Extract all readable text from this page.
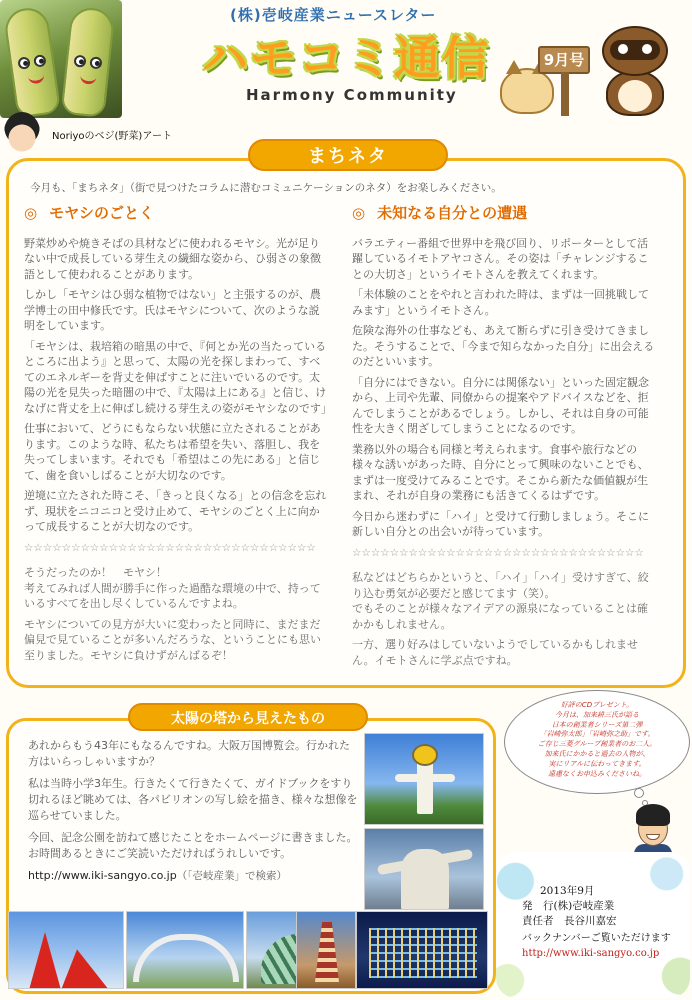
Noriyoのベジ(野菜)アート
(株)壱岐産業ニュースレター
ハモコミ通信
Harmony Community
9月号
まちネタ
今月も、「まちネタ」（街で見つけたコラムに潜むコミュニケーションのネタ）をお楽しみください。
◎ モヤシのごとく

野菜炒めや焼きそばの具材などに使われるモヤシ。光が足りない中で成長している芽生えの繊細な姿から、ひ弱さの象徴語として使われることがあります。

しかし「モヤシはひ弱な植物ではない」と主張するのが、農学博士の田中修氏です。氏はモヤシについて、次のような説明をしています。

「モヤシは、栽培箱の暗黒の中で、『何とか光の当たっているところに出よう』と思って、太陽の光を探しまわって、すべてのエネルギーを背丈を伸ばすことに注いでいるのです。太陽の光を見失った暗闇の中で、『太陽は上にある』と信じ、けなげに背丈を上に伸ばし続ける芽生えの姿がモヤシなのです」

仕事において、どうにもならない状態に立たされることがあります。このような時、私たちは希望を失い、落胆し、我を失ってしまいます。それでも「希望はこの先にある」と信じて、歯を食いしばることが大切なのです。

逆境に立たされた時こそ、「きっと良くなる」との信念を忘れず、現状をニコニコと受け止めて、モヤシのごとく上に向かって成長することが大切なのです。

☆☆☆☆☆☆☆☆☆☆☆☆☆☆☆☆☆☆☆☆☆☆☆☆☆☆☆☆☆☆☆

そうだったのか！　モヤシ！

考えてみれば人間が勝手に作った過酷な環境の中で、持っているすべてを出し尽くしているんですよね。

モヤシについての見方が大いに変わったと同時に、まだまだ偏見で見ていることが多いんだろうな、ということにも思い至りました。モヤシに負けずがんばるぞ！

◎ 未知なる自分との遭遇

バラエティー番組で世界中を飛び回り、リポーターとして活躍しているイモトアヤコさん。その姿は「チャレンジすることの大切さ」というイモトさんを教えてくれます。

「未体験のことをやれと言われた時は、まずは一回挑戦してみます」というイモトさん。

危険な海外の仕事なども、あえて断らずに引き受けてきました。そうすることで、「今まで知らなかった自分」に出会えるのだといいます。

「自分にはできない。自分には関係ない」といった固定観念から、上司や先輩、同僚からの提案やアドバイスなどを、拒んでしまうことがあるでしょう。しかし、それは自身の可能性を大きく閉ざしてしまうことになるのです。

業務以外の場合も同様と考えられます。食事や旅行などの様々な誘いがあった時、自分にとって興味のないことでも、まずは一度受けてみることです。そこから新たな価値観が生まれ、それが自身の業務にも活きてくるはずです。

今日から迷わずに「ハイ」と受けて行動しましょう。そこに新しい自分との出会いが待っています。

☆☆☆☆☆☆☆☆☆☆☆☆☆☆☆☆☆☆☆☆☆☆☆☆☆☆☆☆☆☆☆

私などはどちらかというと、「ハイ」「ハイ」受けすぎて、絞り込む勇気が必要だと感じてます（笑）。

でもそのことが様々なアイデアの源泉になっていることは確かかもしれません。

一方、選り好みはしていないようでしているかもしれません。イモトさんに学ぶ点ですね。

好評のCDプレゼント。
今月は、加来耕三氏が語る
日本の創業者シリーズ第二弾
「岩崎弥太郎」「岩崎弥之助」です。
ご存じ三菱グループ創業者のお二人。
加来氏にかかると過去の人物が、
実にリアルに伝わってきます。
遠慮なくお申込みくださいね。
太陽の塔から見えたもの

あれからもう43年にもなるんですね。大阪万国博覧会。行かれた方はいらっしゃいますか？

私は当時小学3年生。行きたくて行きたくて、ガイドブックをすり切れるほど眺めては、各パビリオンの写し絵を描き、様々な想像を巡らせていました。

今回、記念公園を訪ねて感じたことをホームページに書きました。お時間あるときにご笑読いただければうれしいです。

http://www.iki-sangyo.co.jp（「壱岐産業」で検索）
2013年9月
発　行(株)壱岐産業
責任者　 長谷川嘉宏
バックナンバーご覧いただけます
http://www.iki-sangyo.co.jp
